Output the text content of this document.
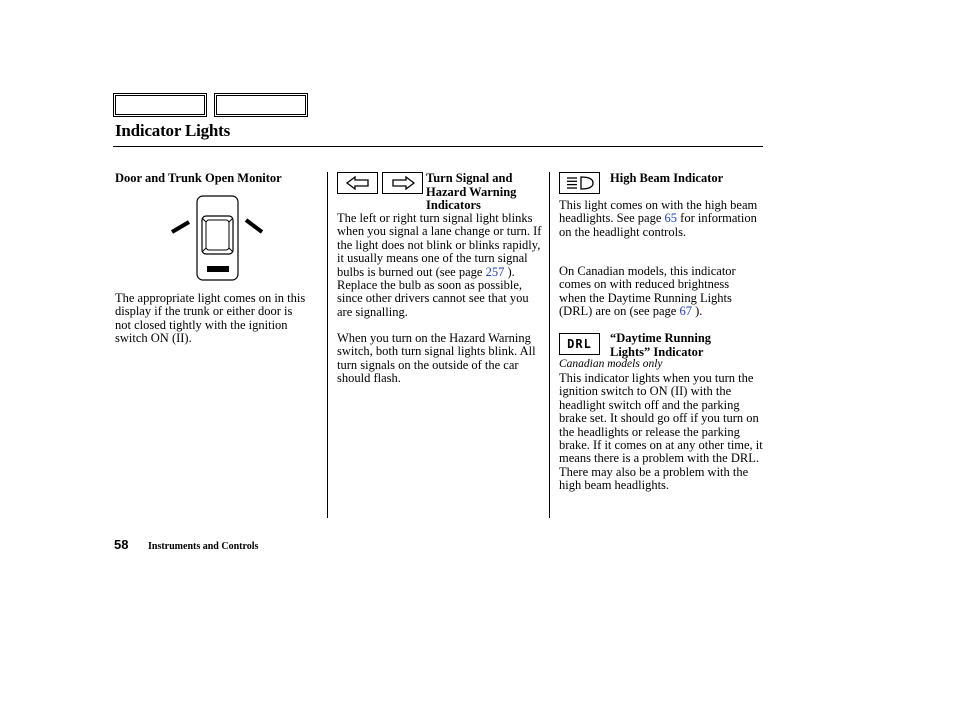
Indicator Lights
Door and Trunk Open Monitor
The appropriate light comes on in this display if the trunk or either door is not closed tightly with the ignition switch ON (II).
Turn Signal and
Hazard Warning
Indicators
The left or right turn signal light blinks when you signal a lane change or turn. If the light does not blink or blinks rapidly, it usually means one of the turn signal bulbs is burned out (see page 257 ). Replace the bulb as soon as possible, since other drivers cannot see that you are signalling.
When you turn on the Hazard Warning switch, both turn signal lights blink. All turn signals on the outside of the car should flash.
High Beam Indicator
This light comes on with the high beam headlights. See page 65 for information on the headlight controls.
On Canadian models, this indicator comes on with reduced brightness when the Daytime Running Lights (DRL) are on (see page 67 ).
DRL “Daytime Running
Lights” Indicator
Canadian models only
This indicator lights when you turn the ignition switch to ON (II) with the headlight switch off and the parking brake set. It should go off if you turn on the headlights or release the parking brake. If it comes on at any other time, it means there is a problem with the DRL. There may also be a problem with the high beam headlights.
58 Instruments and Controls
